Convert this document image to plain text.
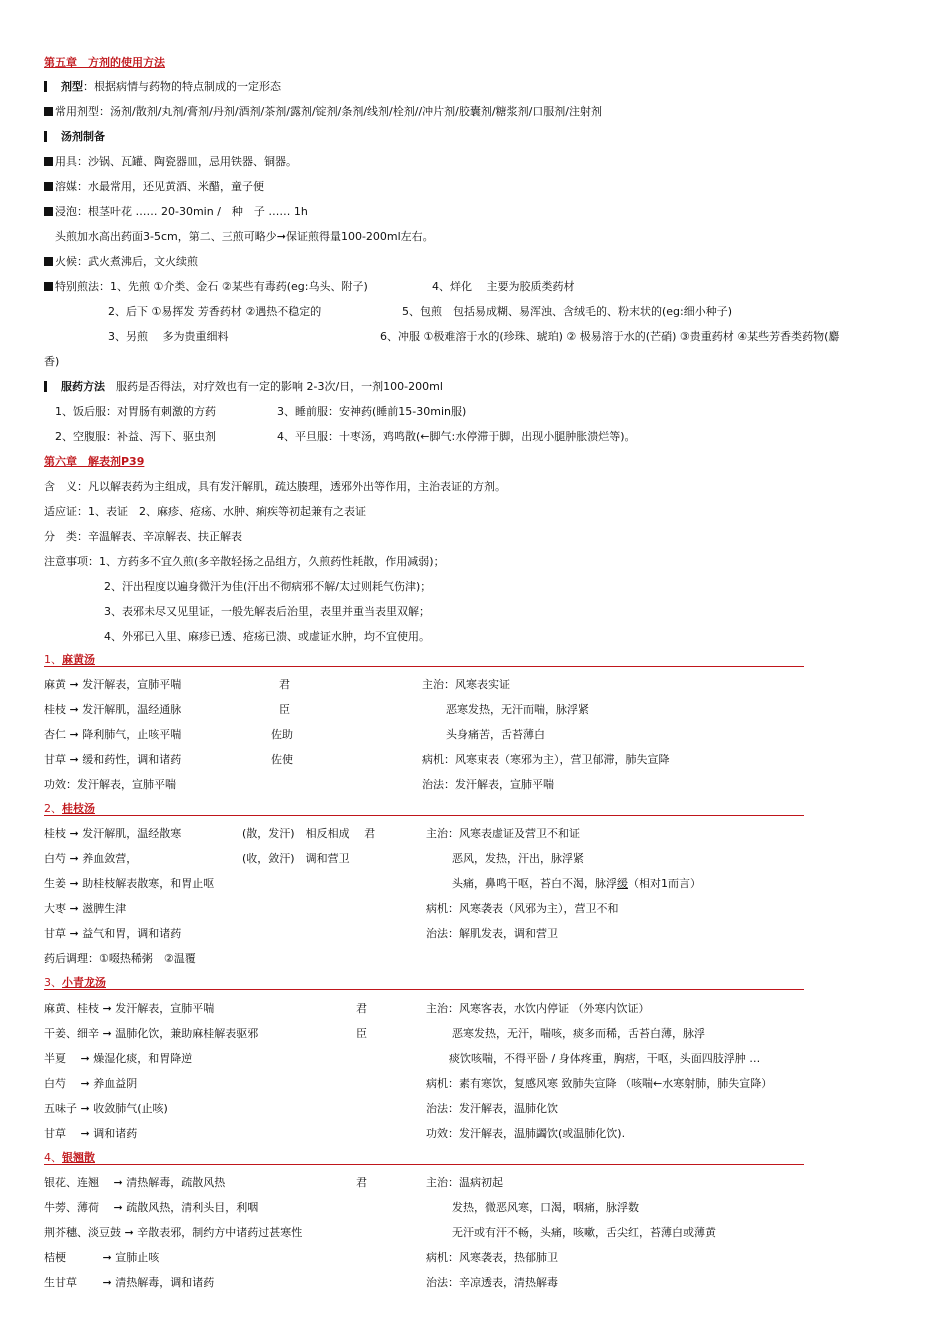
第五章　方剂的使用方法
剂型：根据病情与药物的特点制成的一定形态
常用剂型：汤剂/散剂/丸剂/膏剂/丹剂/酒剂/茶剂/露剂/锭剂/条剂/线剂/栓剂//冲片剂/胶囊剂/糖浆剂/口服剂/注射剂
汤剂制备
用具：沙锅、瓦罐、陶瓷器皿，忌用铁器、铜器。
溶媒：水最常用，还见黄酒、米醋，童子便
浸泡：根茎叶花 …… 20-30min /　种　子 …… 1h
头煎加水高出药面3-5cm，第二、三煎可略少➞保证煎得量100-200ml左右。
火候：武火煮沸后，文火续煎
特别煎法：1、先煎 ①介类、金石 ②某些有毒药(eg:乌头、附子)	4、烊化　 主要为胶质类药材
2、后下 ①易挥发 芳香药材 ②遇热不稳定的	5、包煎　包括易成糊、易浑浊、含绒毛的、粉末状的(eg:细小种子)
3、另煎　 多为贵重细料	6、冲服 ①极难溶于水的(珍珠、琥珀) ② 极易溶于水的(芒硝) ③贵重药材 ④某些芳香类药物(麝
香)
服药方法　 服药是否得法，对疗效也有一定的影响 2-3次/日，一剂100-200ml
1、饭后服：对胃肠有刺激的方药	3、睡前服：安神药(睡前15-30min服)
2、空腹服：补益、泻下、驱虫剂	4、平旦服：十枣汤，鸡鸣散(←脚气:水停滞于脚，出现小腿肿胀溃烂等)。
第六章　解表剂P39
含　义：凡以解表药为主组成，具有发汗解肌，疏达腠理，透邪外出等作用，主治表证的方剂。
适应证：1、表证　2、麻疹、疮疡、水肿、痢疾等初起兼有之表证
分　类：辛温解表、辛凉解表、扶正解表
注意事项：1、方药多不宜久煎(多辛散轻扬之品组方，久煎药性耗散，作用减弱)；
2、汗出程度以遍身微汗为佳(汗出不彻病邪不解/太过则耗气伤津)；
3、表邪未尽又见里证，一般先解表后治里，表里并重当表里双解；
4、外邪已入里、麻疹已透、疮疡已溃、或虚证水肿，均不宜使用。
1、麻黄汤
麻黄 ➞ 发汗解表，宣肺平喘	君	主治：风寒表实证
桂枝 ➞ 发汗解肌，温经通脉	臣	恶寒发热，无汗而喘，脉浮紧
杏仁 ➞ 降利肺气，止咳平喘	佐助	头身痛苦，舌苔薄白
甘草 ➞ 缓和药性，调和诸药	佐使	病机：风寒束表（寒邪为主），营卫郁滞，肺失宣降
功效：发汗解表，宣肺平喘	治法：发汗解表，宣肺平喘
2、桂枝汤
桂枝 ➞ 发汗解肌，温经散寒	(散，发汗)　相反相成　 君	主治：风寒表虚证及营卫不和证
白芍 ➞ 养血敛营，	(收，敛汗)　调和营卫	恶风，发热，汗出，脉浮紧
生姜 ➞ 助桂枝解表散寒，和胃止呕	头痛，鼻鸣干呕，苔白不渴，脉浮缓（相对1而言）
大枣 ➞ 滋脾生津	病机：风寒袭表（风邪为主），营卫不和
甘草 ➞ 益气和胃，调和诸药	治法：解肌发表，调和营卫
药后调理：①啜热稀粥　②温覆
3、小青龙汤
麻黄、桂枝 ➞ 发汗解表，宣肺平喘	君	主治：风寒客表，水饮内停证 （外寒内饮证）
干姜、细辛 ➞ 温肺化饮，兼助麻桂解表驱邪	臣	恶寒发热，无汗，喘咳，痰多而稀，舌苔白薄，脉浮
半夏　 ➞ 燥湿化痰，和胃降逆	痰饮咳喘，不得平卧 / 身体疼重，胸痞，干呕，头面四肢浮肿 …
白芍　 ➞ 养血益阴	病机：素有寒饮，复感风寒 致肺失宣降 （咳喘←水寒射肺，肺失宣降）
五味子 ➞ 收敛肺气(止咳)	治法：发汗解表，温肺化饮
甘草　 ➞ 调和诸药	功效：发汗解表，温肺蠲饮(或温肺化饮).
4、银翘散
银花、连翘　 ➞ 清热解毒，疏散风热	君	主治：温病初起
牛蒡、薄荷　 ➞ 疏散风热，清利头目，利咽	发热，微恶风寒，口渴，咽痛，脉浮数
荆芥穗、淡豆鼓 ➞ 辛散表邪，制约方中诸药过甚寒性	无汗或有汗不畅，头痛，咳嗽，舌尖红，苔薄白或薄黄
桔梗　　　 ➞ 宣肺止咳	病机：风寒袭表，热郁肺卫
生甘草　　 ➞ 清热解毒，调和诸药	治法：辛凉透表，清热解毒
